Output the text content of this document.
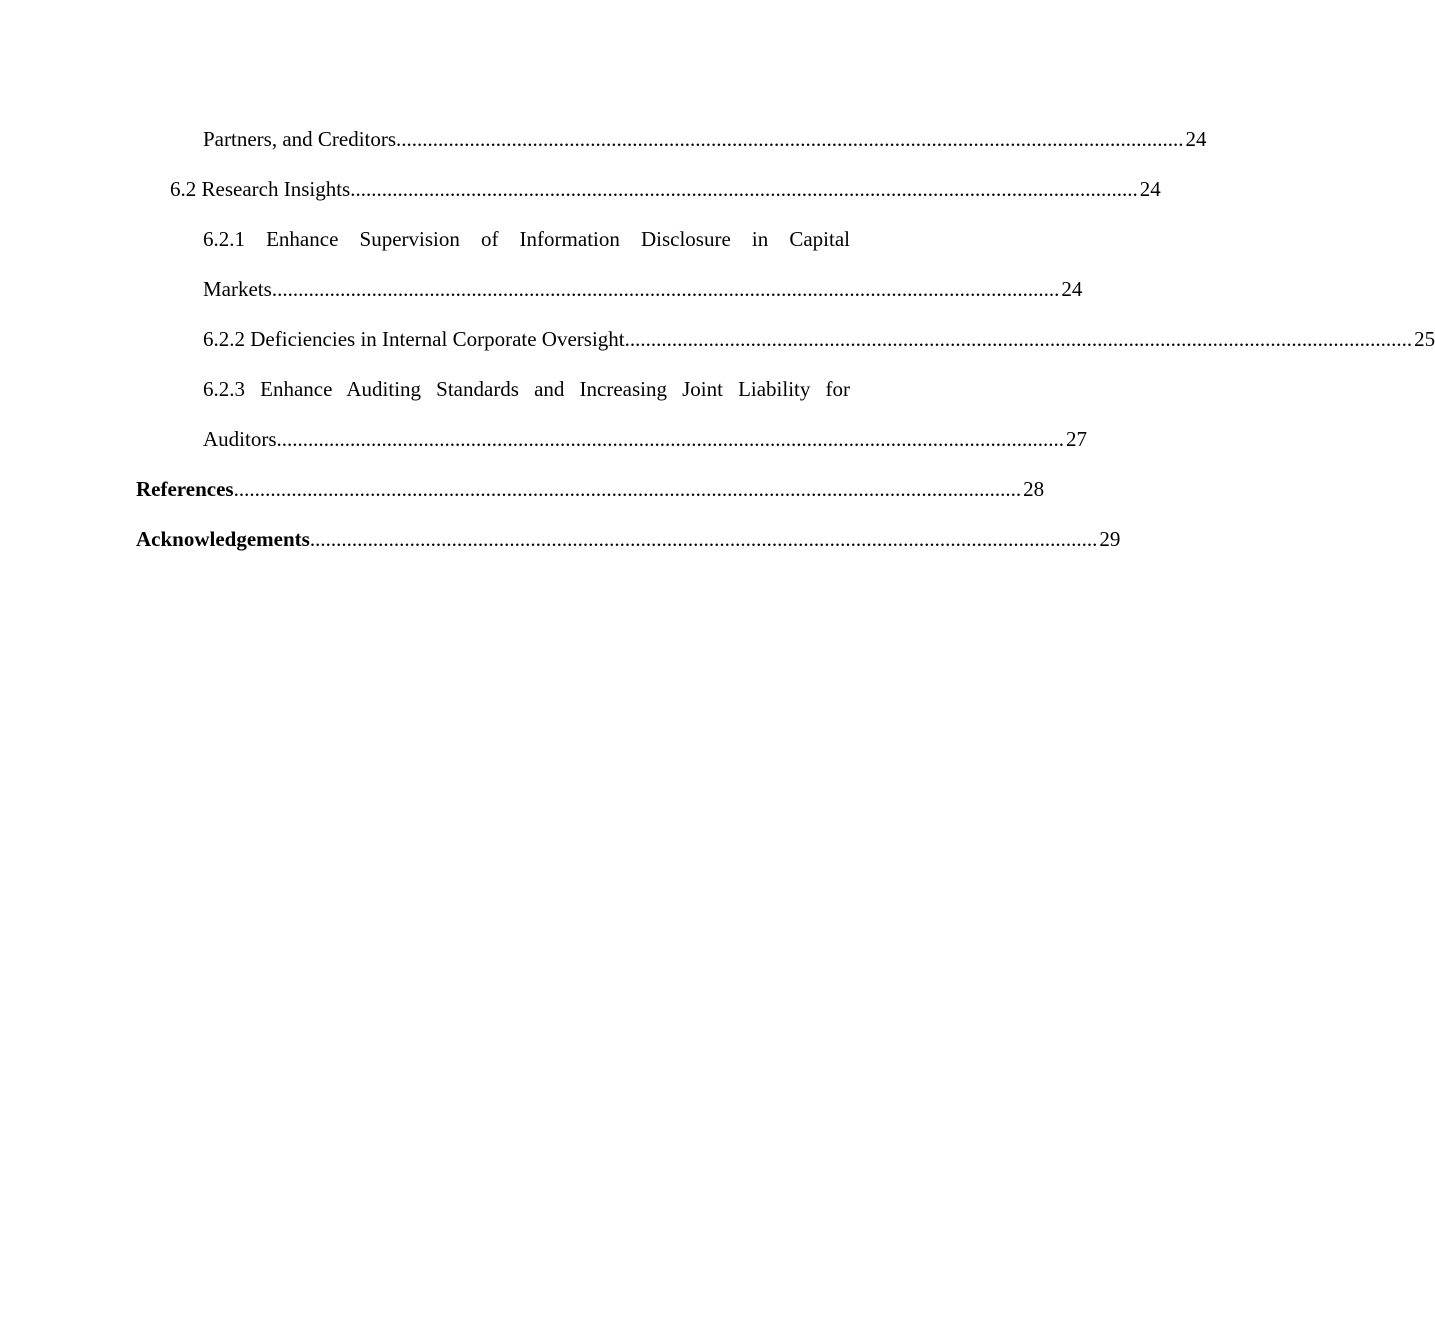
Partners, and Creditors ...................................................................................................................................................... 24
6.2 Research Insights ...................................................................................................................................................... 24
6.2.1 Enhance Supervision of Information Disclosure in Capital
Markets ...................................................................................................................................................... 24
6.2.2 Deficiencies in Internal Corporate Oversight ...................................................................................................................................................... 25
6.2.3 Enhance Auditing Standards and Increasing Joint Liability for
Auditors ...................................................................................................................................................... 27
References ...................................................................................................................................................... 28
Acknowledgements ...................................................................................................................................................... 29
